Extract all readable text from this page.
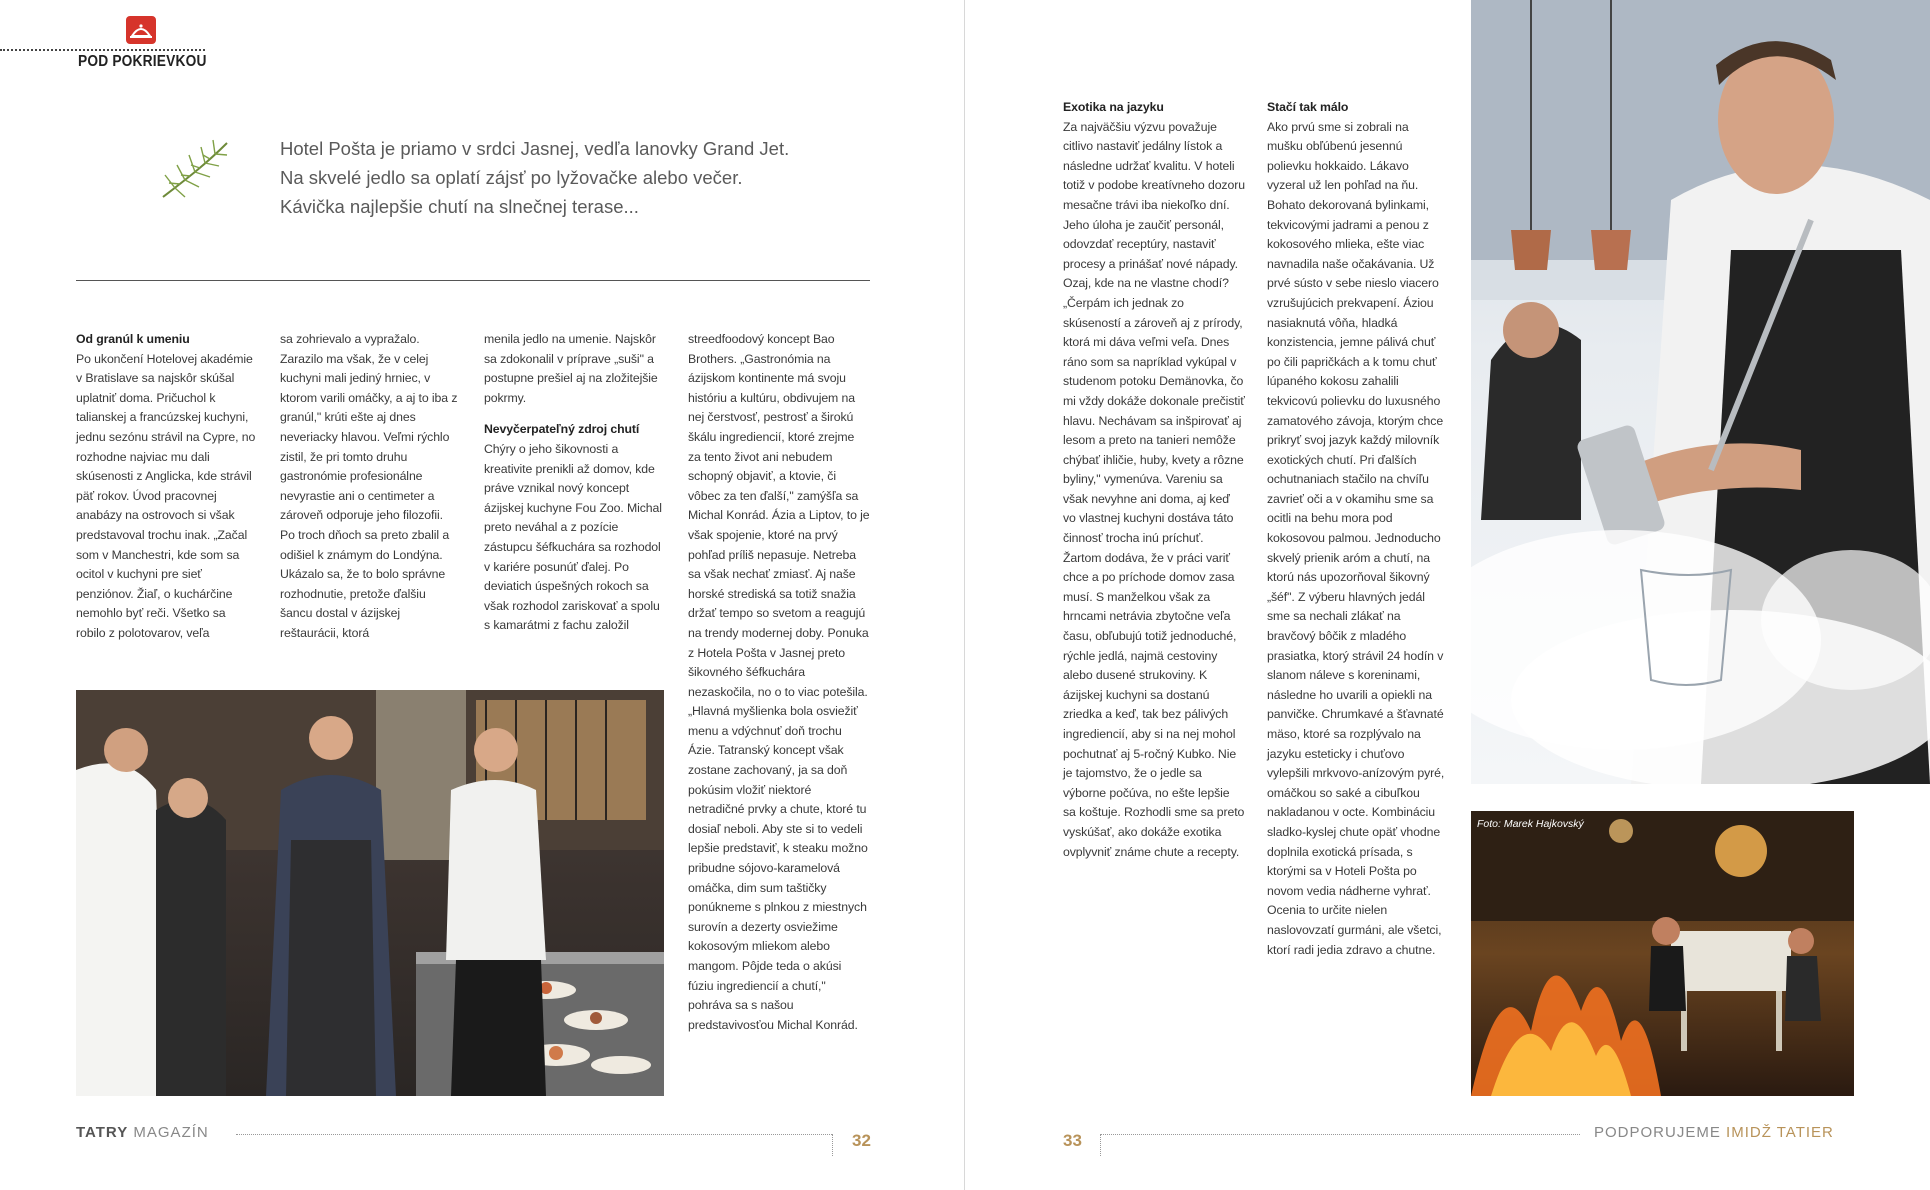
POD POKRIEVKOU
Hotel Pošta je priamo v srdci Jasnej, vedľa lanovky Grand Jet.
Na skvelé jedlo sa oplatí zájsť po lyžovačke alebo večer.
Kávička najlepšie chutí na slnečnej terase...
Od granúl k umeniu
Po ukončení Hotelovej akadémie v Bratislave sa najskôr skúšal uplatniť doma. Pričuchol k talianskej a francúzskej kuchyni, jednu sezónu strávil na Cypre, no rozhodne najviac mu dali skúsenosti z Anglicka, kde strávil päť rokov. Úvod pracovnej anabázy na ostrovoch si však predstavoval trochu inak. „Začal som v Manchestri, kde som sa ocitol v kuchyni pre sieť penziónov. Žiaľ, o kuchárčine nemohlo byť reči. Všetko sa robilo z polotovarov, veľa
sa zohrievalo a vypražalo. Zarazilo ma však, že v celej kuchyni mali jediný hrniec, v ktorom varili omáčky, a aj to iba z granúl," krúti ešte aj dnes neveriacky hlavou. Veľmi rýchlo zistil, že pri tomto druhu gastronómie profesionálne nevyrastie ani o centimeter a zároveň odporuje jeho filozofii. Po troch dňoch sa preto zbalil a odišiel k známym do Londýna. Ukázalo sa, že to bolo správne rozhodnutie, pretože ďalšiu šancu dostal v ázijskej reštaurácii, ktorá

menila jedlo na umenie. Najskôr sa zdokonalil v príprave „suši" a postupne prešiel aj na zložitejšie pokrmy.

Nevyčerpateľný zdroj chutí
Chýry o jeho šikovnosti a kreativite prenikli až domov, kde práve vznikal nový koncept ázijskej kuchyne Fou Zoo. Michal preto neváhal a z pozície zástupcu šéfkuchára sa rozhodol v kariére posunúť ďalej. Po deviatich úspešných rokoch sa však rozhodol zariskovať a spolu s kamarátmi z fachu založil
streedfoodový koncept Bao Brothers. „Gastronómia na ázijskom kontinente má svoju históriu a kultúru, obdivujem na nej čerstvosť, pestrosť a širokú škálu ingrediencií, ktoré zrejme za tento život ani nebudem schopný objaviť, a ktovie, či vôbec za ten ďalší," zamýšľa sa Michal Konrád. Ázia a Liptov, to je však spojenie, ktoré na prvý pohľad príliš nepasuje. Netreba sa však nechať zmiasť. Aj naše horské strediská sa totiž snažia držať tempo so svetom a reagujú na trendy modernej doby. Ponuka z Hotela Pošta v Jasnej preto šikovného šéfkuchára nezaskočila, no o to viac potešila. „Hlavná myšlienka bola osviežiť menu a vdýchnuť doň trochu Ázie. Tatranský koncept však zostane zachovaný, ja sa doň pokúsim vložiť niektoré netradičné prvky a chute, ktoré tu dosiaľ neboli. Aby ste si to vedeli lepšie predstaviť, k steaku možno pribudne sójovo-karamelová omáčka, dim sum taštičky ponúkneme s plnkou z miestnych surovín a dezerty osviežime kokosovým mliekom alebo mangom. Pôjde teda o akúsi fúziu ingrediencií a chutí," pohráva sa s našou predstavivosťou Michal Konrád.
TATRY MAGAZÍN	32
Exotika na jazyku
Za najväčšiu výzvu považuje citlivo nastaviť jedálny lístok a následne udržať kvalitu. V hoteli totiž v podobe kreatívneho dozoru mesačne trávi iba niekoľko dní. Jeho úloha je zaučiť personál, odovzdať receptúry, nastaviť procesy a prinášať nové nápady. Ozaj, kde na ne vlastne chodí? „Čerpám ich jednak zo skúseností a zároveň aj z prírody, ktorá mi dáva veľmi veľa. Dnes ráno som sa napríklad vykúpal v studenom potoku Demänovka, čo mi vždy dokáže dokonale prečistiť hlavu. Nechávam sa inšpirovať aj lesom a preto na tanieri nemôže chýbať ihličie, huby, kvety a rôzne byliny," vymenúva. Vareniu sa však nevyhne ani doma, aj keď vo vlastnej kuchyni dostáva táto činnosť trocha inú príchuť. Žartom dodáva, že v práci variť chce a po príchode domov zasa musí. S manželkou však za hrncami netrávia zbytočne veľa času, obľubujú totiž jednoduché, rýchle jedlá, najmä cestoviny alebo dusené strukoviny. K ázijskej kuchyni sa dostanú zriedka a keď, tak bez pálivých ingrediencií, aby si na nej mohol pochutnať aj 5-ročný Kubko. Nie je tajomstvo, že o jedle sa výborne počúva, no ešte lepšie sa koštuje. Rozhodli sme sa preto vyskúšať, ako dokáže exotika ovplyvniť známe chute a recepty.
Stačí tak málo
Ako prvú sme si zobrali na mušku obľúbenú jesennú polievku hokkaido. Lákavo vyzeral už len pohľad na ňu. Bohato dekorovaná bylinkami, tekvicovými jadrami a penou z kokosového mlieka, ešte viac navnadila naše očakávania. Už prvé sústo v sebe nieslo viacero vzrušujúcich prekvapení. Áziou nasiaknutá vôňa, hladká konzistencia, jemne pálivá chuť po čili papričkách a k tomu chuť lúpaného kokosu zahalili tekvicovú polievku do luxusného zamatového závoja, ktorým chce prikryť svoj jazyk každý milovník exotických chutí. Pri ďalších ochutnaniach stačilo na chvíľu zavrieť oči a v okamihu sme sa ocitli na behu mora pod kokosovou palmou. Jednoducho skvelý prienik aróm a chutí, na ktorú nás upozorňoval šikovný „šéf". Z výberu hlavných jedál sme sa nechali zlákať na bravčový bôčik z mladého prasiatka, ktorý strávil 24 hodín v slanom náleve s koreninami, následne ho uvarili a opiekli na panvičke. Chrumkavé a šťavnaté mäso, ktoré sa rozplývalo na jazyku esteticky i chuťovo vylepšili mrkvovo-anízovým pyré, omáčkou so saké a cibuľkou nakladanou v octe. Kombináciu sladko-kyslej chute opäť vhodne doplnila exotická prísada, s ktorými sa v Hoteli Pošta po novom vedia nádherne vyhrať. Ocenia to určite nielen naslovovzatí gurmáni, ale všetci, ktorí radi jedia zdravo a chutne.
Foto: Marek Hajkovský
33	PODPORUJEME IMIDŽ TATIER
